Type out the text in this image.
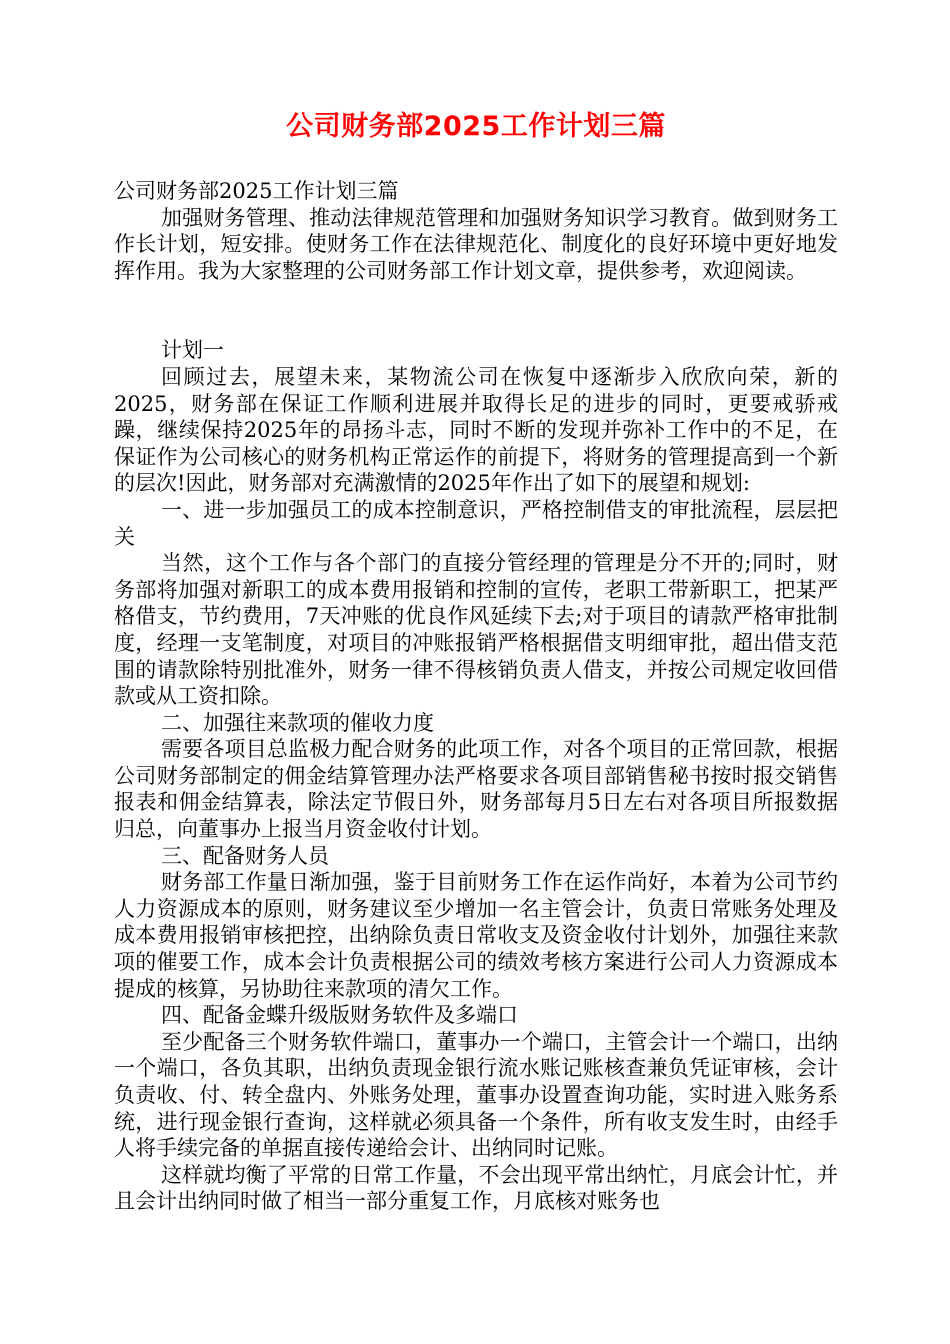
公司财务部2025工作计划三篇

公司财务部2025工作计划三篇

加强财务管理、推动法律规范管理和加强财务知识学习教育。做到财务工作长计划，短安排。使财务工作在法律规范化、制度化的良好环境中更好地发挥作用。我为大家整理的公司财务部工作计划文章，提供参考，欢迎阅读。

计划一

回顾过去，展望未来，某物流公司在恢复中逐渐步入欣欣向荣，新的2025，财务部在保证工作顺利进展并取得长足的进步的同时，更要戒骄戒躁，继续保持2025年的昂扬斗志，同时不断的发现并弥补工作中的不足，在保证作为公司核心的财务机构正常运作的前提下，将财务的管理提高到一个新的层次!因此，财务部对充满激情的2025年作出了如下的展望和规划:

一、进一步加强员工的成本控制意识，严格控制借支的审批流程，层层把关

当然，这个工作与各个部门的直接分管经理的管理是分不开的;同时，财务部将加强对新职工的成本费用报销和控制的宣传，老职工带新职工，把某严格借支，节约费用，7天冲账的优良作风延续下去;对于项目的请款严格审批制度，经理一支笔制度，对项目的冲账报销严格根据借支明细审批，超出借支范围的请款除特别批准外，财务一律不得核销负责人借支，并按公司规定收回借款或从工资扣除。

二、加强往来款项的催收力度

需要各项目总监极力配合财务的此项工作，对各个项目的正常回款，根据公司财务部制定的佣金结算管理办法严格要求各项目部销售秘书按时报交销售报表和佣金结算表，除法定节假日外，财务部每月5日左右对各项目所报数据归总，向董事办上报当月资金收付计划。

三、配备财务人员

财务部工作量日渐加强，鉴于目前财务工作在运作尚好，本着为公司节约人力资源成本的原则，财务建议至少增加一名主管会计，负责日常账务处理及成本费用报销审核把控，出纳除负责日常收支及资金收付计划外，加强往来款项的催要工作，成本会计负责根据公司的绩效考核方案进行公司人力资源成本提成的核算，另协助往来款项的清欠工作。

四、配备金蝶升级版财务软件及多端口

至少配备三个财务软件端口，董事办一个端口，主管会计一个端口，出纳一个端口，各负其职，出纳负责现金银行流水账记账核查兼负凭证审核，会计负责收、付、转全盘内、外账务处理，董事办设置查询功能，实时进入账务系统，进行现金银行查询，这样就必须具备一个条件，所有收支发生时，由经手人将手续完备的单据直接传递给会计、出纳同时记账。

这样就均衡了平常的日常工作量，不会出现平常出纳忙，月底会计忙，并且会计出纳同时做了相当一部分重复工作，月底核对账务也
